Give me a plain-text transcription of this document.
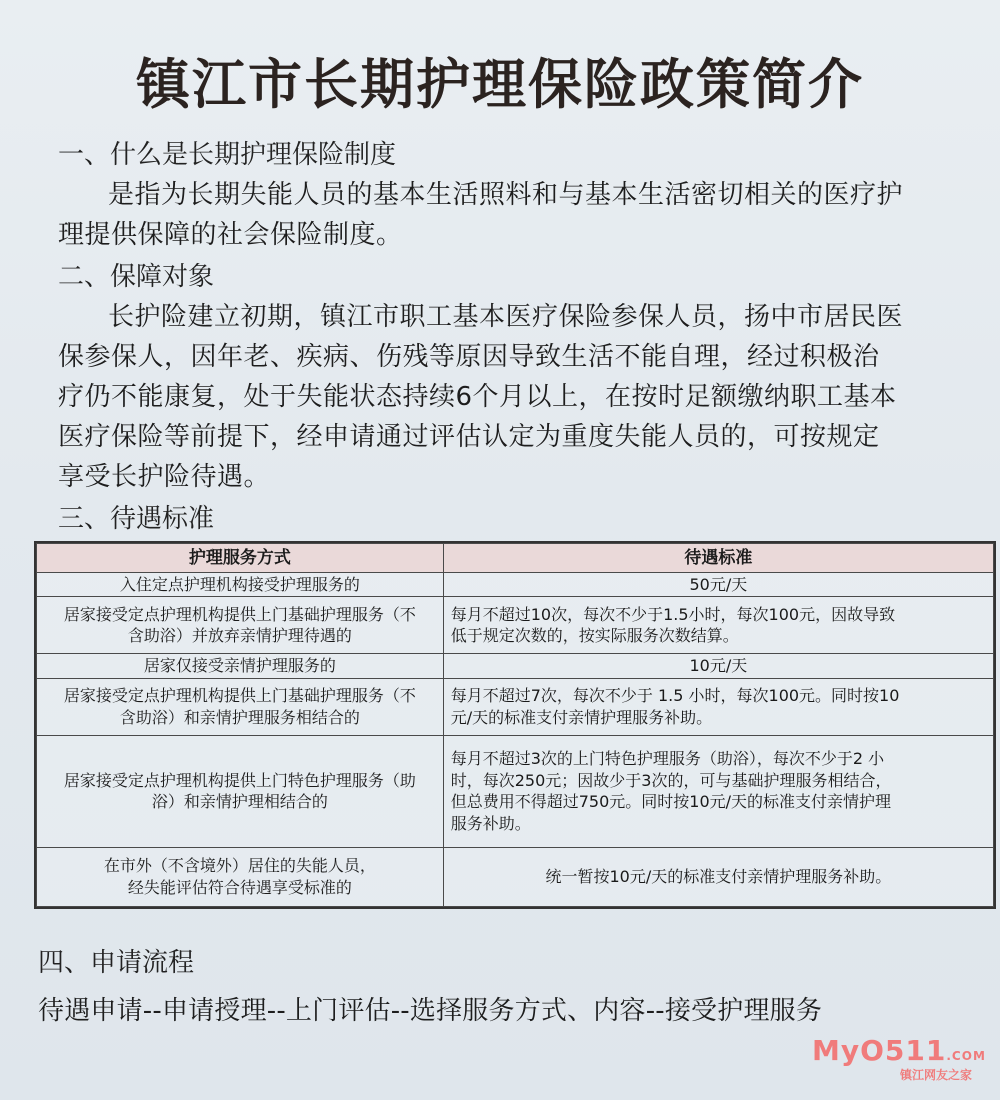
镇江市长期护理保险政策简介
一、什么是长期护理保险制度
是指为长期失能人员的基本生活照料和与基本生活密切相关的医疗护
理提供保障的社会保险制度。
二、保障对象
长护险建立初期，镇江市职工基本医疗保险参保人员，扬中市居民医
保参保人，因年老、疾病、伤残等原因导致生活不能自理，经过积极治
疗仍不能康复，处于失能状态持续6个月以上，在按时足额缴纳职工基本
医疗保险等前提下，经申请通过评估认定为重度失能人员的，可按规定
享受长护险待遇。
三、待遇标准
护理服务方式	待遇标准

入住定点护理机构接受护理服务的	50元/天

居家接受定点护理机构提供上门基础护理服务（不
含助浴）并放弃亲情护理待遇的	每月不超过10次，每次不少于1.5小时，每次100元，因故导致
低于规定次数的，按实际服务次数结算。

居家仅接受亲情护理服务的	10元/天

居家接受定点护理机构提供上门基础护理服务（不
含助浴）和亲情护理服务相结合的	每月不超过7次，每次不少于 1.5 小时，每次100元。同时按10
元/天的标准支付亲情护理服务补助。

居家接受定点护理机构提供上门特色护理服务（助
浴）和亲情护理相结合的	每月不超过3次的上门特色护理服务（助浴），每次不少于2 小
时，每次250元；因故少于3次的，可与基础护理服务相结合，
但总费用不得超过750元。同时按10元/天的标准支付亲情护理
服务补助。

在市外（不含境外）居住的失能人员，
经失能评估符合待遇享受标准的	统一暂按10元/天的标准支付亲情护理服务补助。
四、申请流程
待遇申请--申请授理--上门评估--选择服务方式、内容--接受护理服务
MyO511.COM
镇江网友之家
